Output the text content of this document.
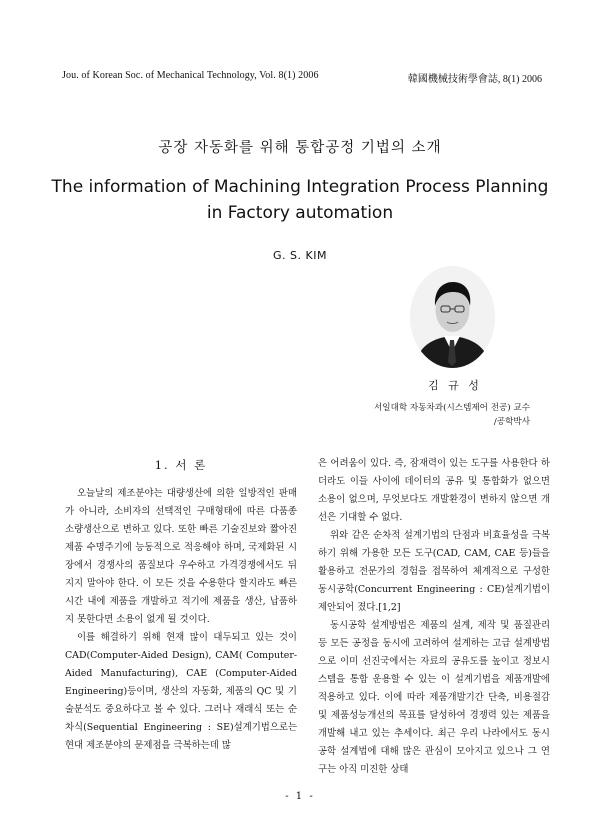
Jou. of Korean Soc. of Mechanical Technology, Vol. 8(1) 2006	韓國機械技術學會誌, 8(1) 2006
공장 자동화를 위해 통합공정 기법의 소개
The information of Machining Integration Process Planning
in Factory automation
G. S. KIM
김 규 성
서일대학 자동차과(시스템제어 전공) 교수
/공학박사
1. 서 론

오늘날의 제조분야는 대량생산에 의한 일방적인 판매가 아니라, 소비자의 선택적인 구매형태에 따른 다품종 소량생산으로 변하고 있다. 또한 빠른 기술진보와 짧아진 제품 수명주기에 능동적으로 적응해야 하며, 국제화된 시장에서 경쟁사의 품질보다 우수하고 가격경쟁에서도 뒤지지 말아야 한다. 이 모든 것을 수용한다 할지라도 빠른 시간 내에 제품을 개발하고 적기에 제품을 생산, 납품하지 못한다면 소용이 없게 될 것이다.

이를 해결하기 위해 현재 많이 대두되고 있는 것이 CAD(Computer-Aided Design), CAM( Computer-Aided Manufacturing), CAE (Computer-Aided Engineering)등이며, 생산의 자동화, 제품의 QC 및 기술분석도 중요하다고 볼 수 있다. 그러나 재래식 또는 순차식(Sequential Engineering : SE)설계기법으로는 현대 제조분야의 문제점을 극복하는데 많

은 어려움이 있다. 즉, 잠재력이 있는 도구를 사용한다 하더라도 이들 사이에 데이터의 공유 및 통합화가 없으면 소용이 없으며, 무엇보다도 개발환경이 변하지 않으면 개선은 기대할 수 없다.

위와 같은 순차적 설계기법의 단점과 비효율성을 극복하기 위해 가용한 모든 도구(CAD, CAM, CAE 등)들을 활용하고 전문가의 경험을 접목하여 체계적으로 구성한 동시공학(Concurrent Engineering : CE)설계기법이 제안되어 졌다.[1,2]

동시공학 설계방법은 제품의 설계, 제작 및 품질관리 등 모든 공정을 동시에 고려하여 설계하는 고급 설계방법으로 이미 선진국에서는 자료의 공유도를 높이고 정보시스템을 통합 운용할 수 있는 이 설계기법을 제품개발에 적용하고 있다. 이에 따라 제품개발기간 단축, 비용절감 및 제품성능개선의 목표를 달성하여 경쟁력 있는 제품을 개발해 내고 있는 추세이다. 최근 우리 나라에서도 동시공학 설계법에 대해 많은 관심이 모아지고 있으나 그 연구는 아직 미진한 상태

- 1 -
